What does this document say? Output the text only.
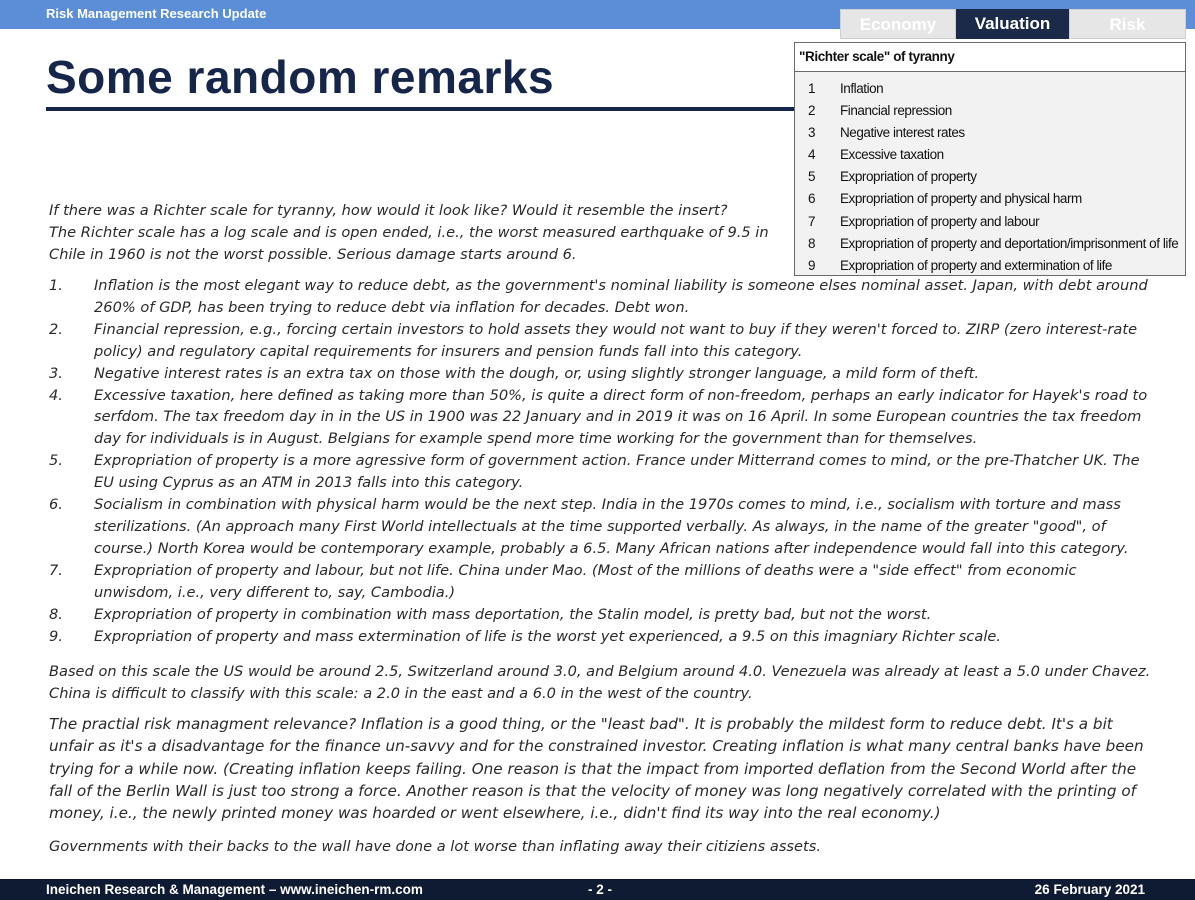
Risk Management Research Update
Economy	Valuation	Risk
Some random remarks	"Richter scale" of tyranny
1 Inflation
2 Financial repression
3 Negative interest rates
4 Excessive taxation
5 Expropriation of property
6 Expropriation of property and physical harm
7 Expropriation of property and labour
8 Expropriation of property and deportation/imprisonment of life
9 Expropriation of property and extermination of life
If there was a Richter scale for tyranny, how would it look like? Would it resemble the insert?
The Richter scale has a log scale and is open ended, i.e., the worst measured earthquake of 9.5 in
Chile in 1960 is not the worst possible. Serious damage starts around 6.
1. Inflation is the most elegant way to reduce debt, as the government's nominal liability is someone elses nominal asset. Japan, with debt around 260% of GDP, has been trying to reduce debt via inflation for decades. Debt won.
2. Financial repression, e.g., forcing certain investors to hold assets they would not want to buy if they weren't forced to. ZIRP (zero interest-rate policy) and regulatory capital requirements for insurers and pension funds fall into this category.
3. Negative interest rates is an extra tax on those with the dough, or, using slightly stronger language, a mild form of theft.
4. Excessive taxation, here defined as taking more than 50%, is quite a direct form of non-freedom, perhaps an early indicator for Hayek's road to serfdom. The tax freedom day in in the US in 1900 was 22 January and in 2019 it was on 16 April. In some European countries the tax freedom day for individuals is in August. Belgians for example spend more time working for the government than for themselves.
5. Expropriation of property is a more agressive form of government action. France under Mitterrand comes to mind, or the pre-Thatcher UK. The EU using Cyprus as an ATM in 2013 falls into this category.
6. Socialism in combination with physical harm would be the next step. India in the 1970s comes to mind, i.e., socialism with torture and mass sterilizations. (An approach many First World intellectuals at the time supported verbally. As always, in the name of the greater "good", of course.) North Korea would be contemporary example, probably a 6.5. Many African nations after independence would fall into this category.
7. Expropriation of property and labour, but not life. China under Mao. (Most of the millions of deaths were a "side effect" from economic unwisdom, i.e., very different to, say, Cambodia.)
8. Expropriation of property in combination with mass deportation, the Stalin model, is pretty bad, but not the worst.
9. Expropriation of property and mass extermination of life is the worst yet experienced, a 9.5 on this imagniary Richter scale.

Based on this scale the US would be around 2.5, Switzerland around 3.0, and Belgium around 4.0. Venezuela was already at least a 5.0 under Chavez. China is difficult to classify with this scale: a 2.0 in the east and a 6.0 in the west of the country.

The practial risk managment relevance? Inflation is a good thing, or the "least bad". It is probably the mildest form to reduce debt. It's a bit unfair as it's a disadvantage for the finance un-savvy and for the constrained investor. Creating inflation is what many central banks have been trying for a while now. (Creating inflation keeps failing. One reason is that the impact from imported deflation from the Second World after the fall of the Berlin Wall is just too strong a force. Another reason is that the velocity of money was long negatively correlated with the printing of money, i.e., the newly printed money was hoarded or went elsewhere, i.e., didn't find its way into the real economy.)

Governments with their backs to the wall have done a lot worse than inflating away their citiziens assets.

Ineichen Research & Management – www.ineichen-rm.com	- 2 -	26 February 2021
